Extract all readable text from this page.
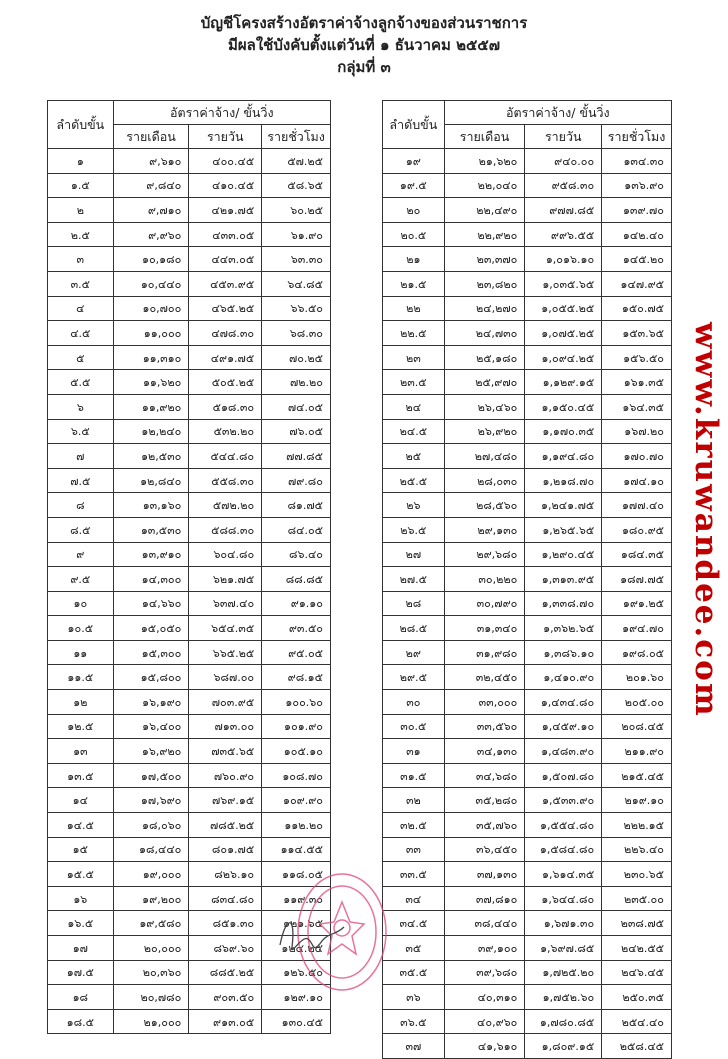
บัญชีโครงสร้างอัตราค่าจ้างลูกจ้างของส่วนราชการ
มีผลใช้บังคับตั้งแต่วันที่ ๑ ธันวาคม ๒๕๕๗
กลุ่มที่ ๓
ลำดับขั้น	อัตราค่าจ้าง/ ขั้นวิ่ง		
	รายเดือน	รายวัน	รายชั่วโมง
๑	๙,๖๑๐	๔๐๐.๔๕	๕๗.๒๕
๑.๕	๙,๘๔๐	๔๑๐.๔๕	๕๘.๖๕
๒	๙,๗๑๐	๔๒๑.๗๕	๖๐.๒๕
๒.๕	๙,๙๖๐	๔๓๓.๐๕	๖๑.๙๐
๓	๑๐,๑๘๐	๔๔๓.๐๕	๖๓.๓๐
๓.๕	๑๐,๔๔๐	๔๕๓.๙๕	๖๔.๘๕
๔	๑๐,๗๐๐	๔๖๕.๒๕	๖๖.๕๐
๔.๕	๑๑,๐๐๐	๔๗๘.๓๐	๖๘.๓๐
๕	๑๑,๓๑๐	๔๙๑.๗๕	๗๐.๒๕
๕.๕	๑๑,๖๒๐	๕๐๕.๒๕	๗๒.๒๐
๖	๑๑,๙๒๐	๕๑๘.๓๐	๗๔.๐๕
๖.๕	๑๒,๒๔๐	๕๓๒.๒๐	๗๖.๐๕
๗	๑๒,๕๓๐	๕๔๔.๘๐	๗๗.๘๕
๗.๕	๑๒,๘๔๐	๕๕๘.๓๐	๗๙.๘๐
๘	๑๓,๑๖๐	๕๗๒.๒๐	๘๑.๗๕
๘.๕	๑๓,๕๓๐	๕๘๘.๓๐	๘๔.๐๕
๙	๑๓,๙๑๐	๖๐๔.๘๐	๘๖.๔๐
๙.๕	๑๔,๓๐๐	๖๒๑.๗๕	๘๘.๘๕
๑๐	๑๔,๖๖๐	๖๓๗.๔๐	๙๑.๑๐
๑๐.๕	๑๕,๐๕๐	๖๕๔.๓๕	๙๓.๕๐
๑๑	๑๕,๓๐๐	๖๖๕.๒๕	๙๕.๐๕
๑๑.๕	๑๕,๘๐๐	๖๘๗.๐๐	๙๘.๑๕
๑๒	๑๖,๑๙๐	๗๐๓.๙๕	๑๐๐.๖๐
๑๒.๕	๑๖,๔๐๐	๗๑๓.๐๐	๑๐๑.๙๐
๑๓	๑๖,๙๒๐	๗๓๕.๖๕	๑๐๕.๑๐
๑๓.๕	๑๗,๕๐๐	๗๖๐.๙๐	๑๐๘.๗๐
๑๔	๑๗,๖๙๐	๗๖๙.๑๕	๑๐๙.๙๐
๑๔.๕	๑๘,๐๖๐	๗๘๕.๒๕	๑๑๒.๒๐
๑๕	๑๘,๔๔๐	๘๐๑.๗๕	๑๑๔.๕๕
๑๕.๕	๑๙,๐๐๐	๘๒๖.๑๐	๑๑๘.๐๕
๑๖	๑๙,๒๐๐	๘๓๔.๘๐	๑๑๙.๓๐
๑๖.๕	๑๙,๕๘๐	๘๕๑.๓๐	๑๒๑.๖๕
๑๗	๒๐,๐๐๐	๘๖๙.๖๐	๑๒๔.๒๕
๑๗.๕	๒๐,๓๖๐	๘๘๕.๒๕	๑๒๖.๕๐
๑๘	๒๐,๗๘๐	๙๐๓.๕๐	๑๒๙.๑๐
๑๘.๕	๒๑,๐๐๐	๙๑๓.๐๕	๑๓๐.๔๕
ลำดับขั้น	อัตราค่าจ้าง/ ขั้นวิ่ง		
	รายเดือน	รายวัน	รายชั่วโมง
๑๙	๒๑,๖๒๐	๙๔๐.๐๐	๑๓๔.๓๐
๑๙.๕	๒๒,๐๔๐	๙๕๘.๓๐	๑๓๖.๙๐
๒๐	๒๒,๔๙๐	๙๗๗.๘๕	๑๓๙.๗๐
๒๐.๕	๒๒,๙๒๐	๙๙๖.๕๕	๑๔๒.๔๐
๒๑	๒๓,๓๗๐	๑,๐๑๖.๑๐	๑๔๕.๒๐
๒๑.๕	๒๓,๘๒๐	๑,๐๓๕.๖๕	๑๔๗.๙๕
๒๒	๒๔,๒๗๐	๑,๐๕๕.๒๕	๑๕๐.๗๕
๒๒.๕	๒๔,๗๓๐	๑,๐๗๕.๒๕	๑๕๓.๖๕
๒๓	๒๕,๑๘๐	๑,๐๙๔.๒๕	๑๕๖.๕๐
๒๓.๕	๒๕,๙๗๐	๑,๑๒๙.๑๕	๑๖๑.๓๕
๒๔	๒๖,๔๖๐	๑,๑๕๐.๔๕	๑๖๔.๓๕
๒๔.๕	๒๖,๙๒๐	๑,๑๗๐.๓๕	๑๖๗.๒๐
๒๕	๒๗,๔๘๐	๑,๑๙๔.๘๐	๑๗๐.๗๐
๒๕.๕	๒๘,๐๓๐	๑,๒๑๘.๗๐	๑๗๔.๑๐
๒๖	๒๘,๕๖๐	๑,๒๔๑.๗๕	๑๗๗.๔๐
๒๖.๕	๒๙,๑๓๐	๑,๒๖๕.๖๕	๑๘๐.๙๕
๒๗	๒๙,๖๘๐	๑,๒๙๐.๔๕	๑๘๔.๓๕
๒๗.๕	๓๐,๒๒๐	๑,๓๑๓.๙๕	๑๘๗.๗๕
๒๘	๓๐,๗๙๐	๑,๓๓๘.๗๐	๑๙๑.๒๕
๒๘.๕	๓๑,๓๔๐	๑,๓๖๒.๖๕	๑๙๔.๗๐
๒๙	๓๑,๙๘๐	๑,๓๘๖.๑๐	๑๙๘.๐๕
๒๙.๕	๓๒,๔๕๐	๑,๔๑๐.๙๐	๒๐๑.๖๐
๓๐	๓๓,๐๐๐	๑,๔๓๔.๘๐	๒๐๕.๐๐
๓๐.๕	๓๓,๕๖๐	๑,๔๕๙.๑๐	๒๐๘.๔๕
๓๑	๓๔,๑๓๐	๑,๔๘๓.๙๐	๒๑๑.๙๐
๓๑.๕	๓๔,๖๘๐	๑,๕๐๗.๘๐	๒๑๕.๔๕
๓๒	๓๕,๒๘๐	๑,๕๓๓.๙๐	๒๑๙.๑๐
๓๒.๕	๓๕,๗๖๐	๑,๕๕๔.๘๐	๒๒๒.๑๕
๓๓	๓๖,๔๕๐	๑,๕๘๔.๘๐	๒๒๖.๔๐
๓๓.๕	๓๗,๑๓๐	๑,๖๑๔.๓๕	๒๓๐.๖๕
๓๔	๓๗,๘๑๐	๑,๖๔๔.๘๐	๒๓๕.๐๐
๓๔.๕	๓๘,๔๔๐	๑,๖๗๑.๓๐	๒๓๘.๗๕
๓๕	๓๙,๑๐๐	๑,๖๙๗.๘๕	๒๔๒.๕๕
๓๕.๕	๓๙,๖๘๐	๑,๗๒๕.๒๐	๒๔๖.๔๕
๓๖	๔๐,๓๑๐	๑,๗๕๒.๖๐	๒๕๐.๓๕
๓๖.๕	๔๐,๙๖๐	๑,๗๘๐.๘๕	๒๕๔.๔๐
๓๗	๔๑,๖๑๐	๑,๘๐๙.๑๕	๒๕๘.๔๕
www.kruwandee.com
